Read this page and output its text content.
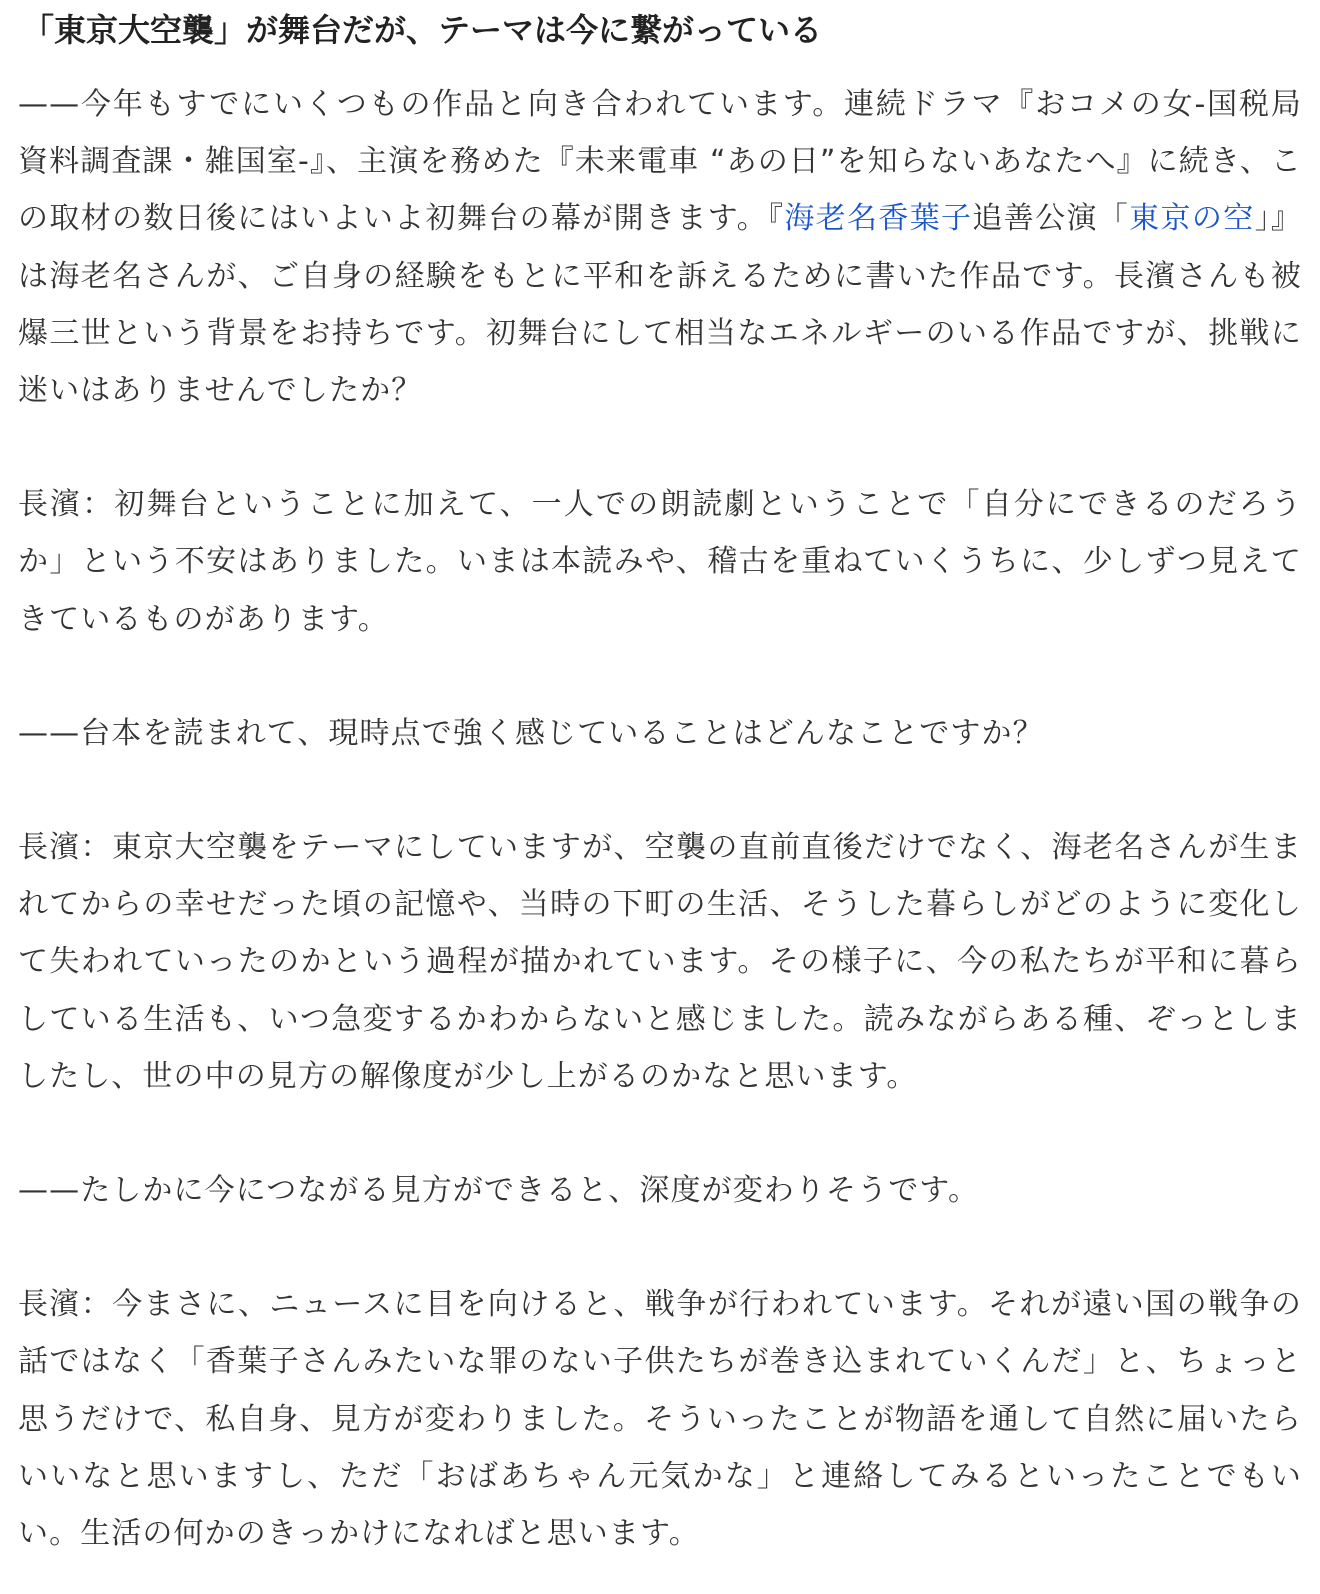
「東京大空襲」が舞台だが、テーマは今に繋がっている

——今年もすでにいくつもの作品と向き合われています。連続ドラマ『おコメの女-国税局資料調査課・雑国室-』、主演を務めた『未来電車 “あの日”を知らないあなたへ』に続き、この取材の数日後にはいよいよ初舞台の幕が開きます。『海老名香葉子追善公演「東京の空」』は海老名さんが、ご自身の経験をもとに平和を訴えるために書いた作品です。長濱さんも被爆三世という背景をお持ちです。初舞台にして相当なエネルギーのいる作品ですが、挑戦に迷いはありませんでしたか？

長濱：初舞台ということに加えて、一人での朗読劇ということで「自分にできるのだろうか」という不安はありました。いまは本読みや、稽古を重ねていくうちに、少しずつ見えてきているものがあります。

——台本を読まれて、現時点で強く感じていることはどんなことですか？

長濱：東京大空襲をテーマにしていますが、空襲の直前直後だけでなく、海老名さんが生まれてからの幸せだった頃の記憶や、当時の下町の生活、そうした暮らしがどのように変化して失われていったのかという過程が描かれています。その様子に、今の私たちが平和に暮らしている生活も、いつ急変するかわからないと感じました。読みながらある種、ぞっとしましたし、世の中の見方の解像度が少し上がるのかなと思います。

——たしかに今につながる見方ができると、深度が変わりそうです。

長濱：今まさに、ニュースに目を向けると、戦争が行われています。それが遠い国の戦争の話ではなく「香葉子さんみたいな罪のない子供たちが巻き込まれていくんだ」と、ちょっと思うだけで、私自身、見方が変わりました。そういったことが物語を通して自然に届いたらいいなと思いますし、ただ「おばあちゃん元気かな」と連絡してみるといったことでもいい。生活の何かのきっかけになればと思います。
